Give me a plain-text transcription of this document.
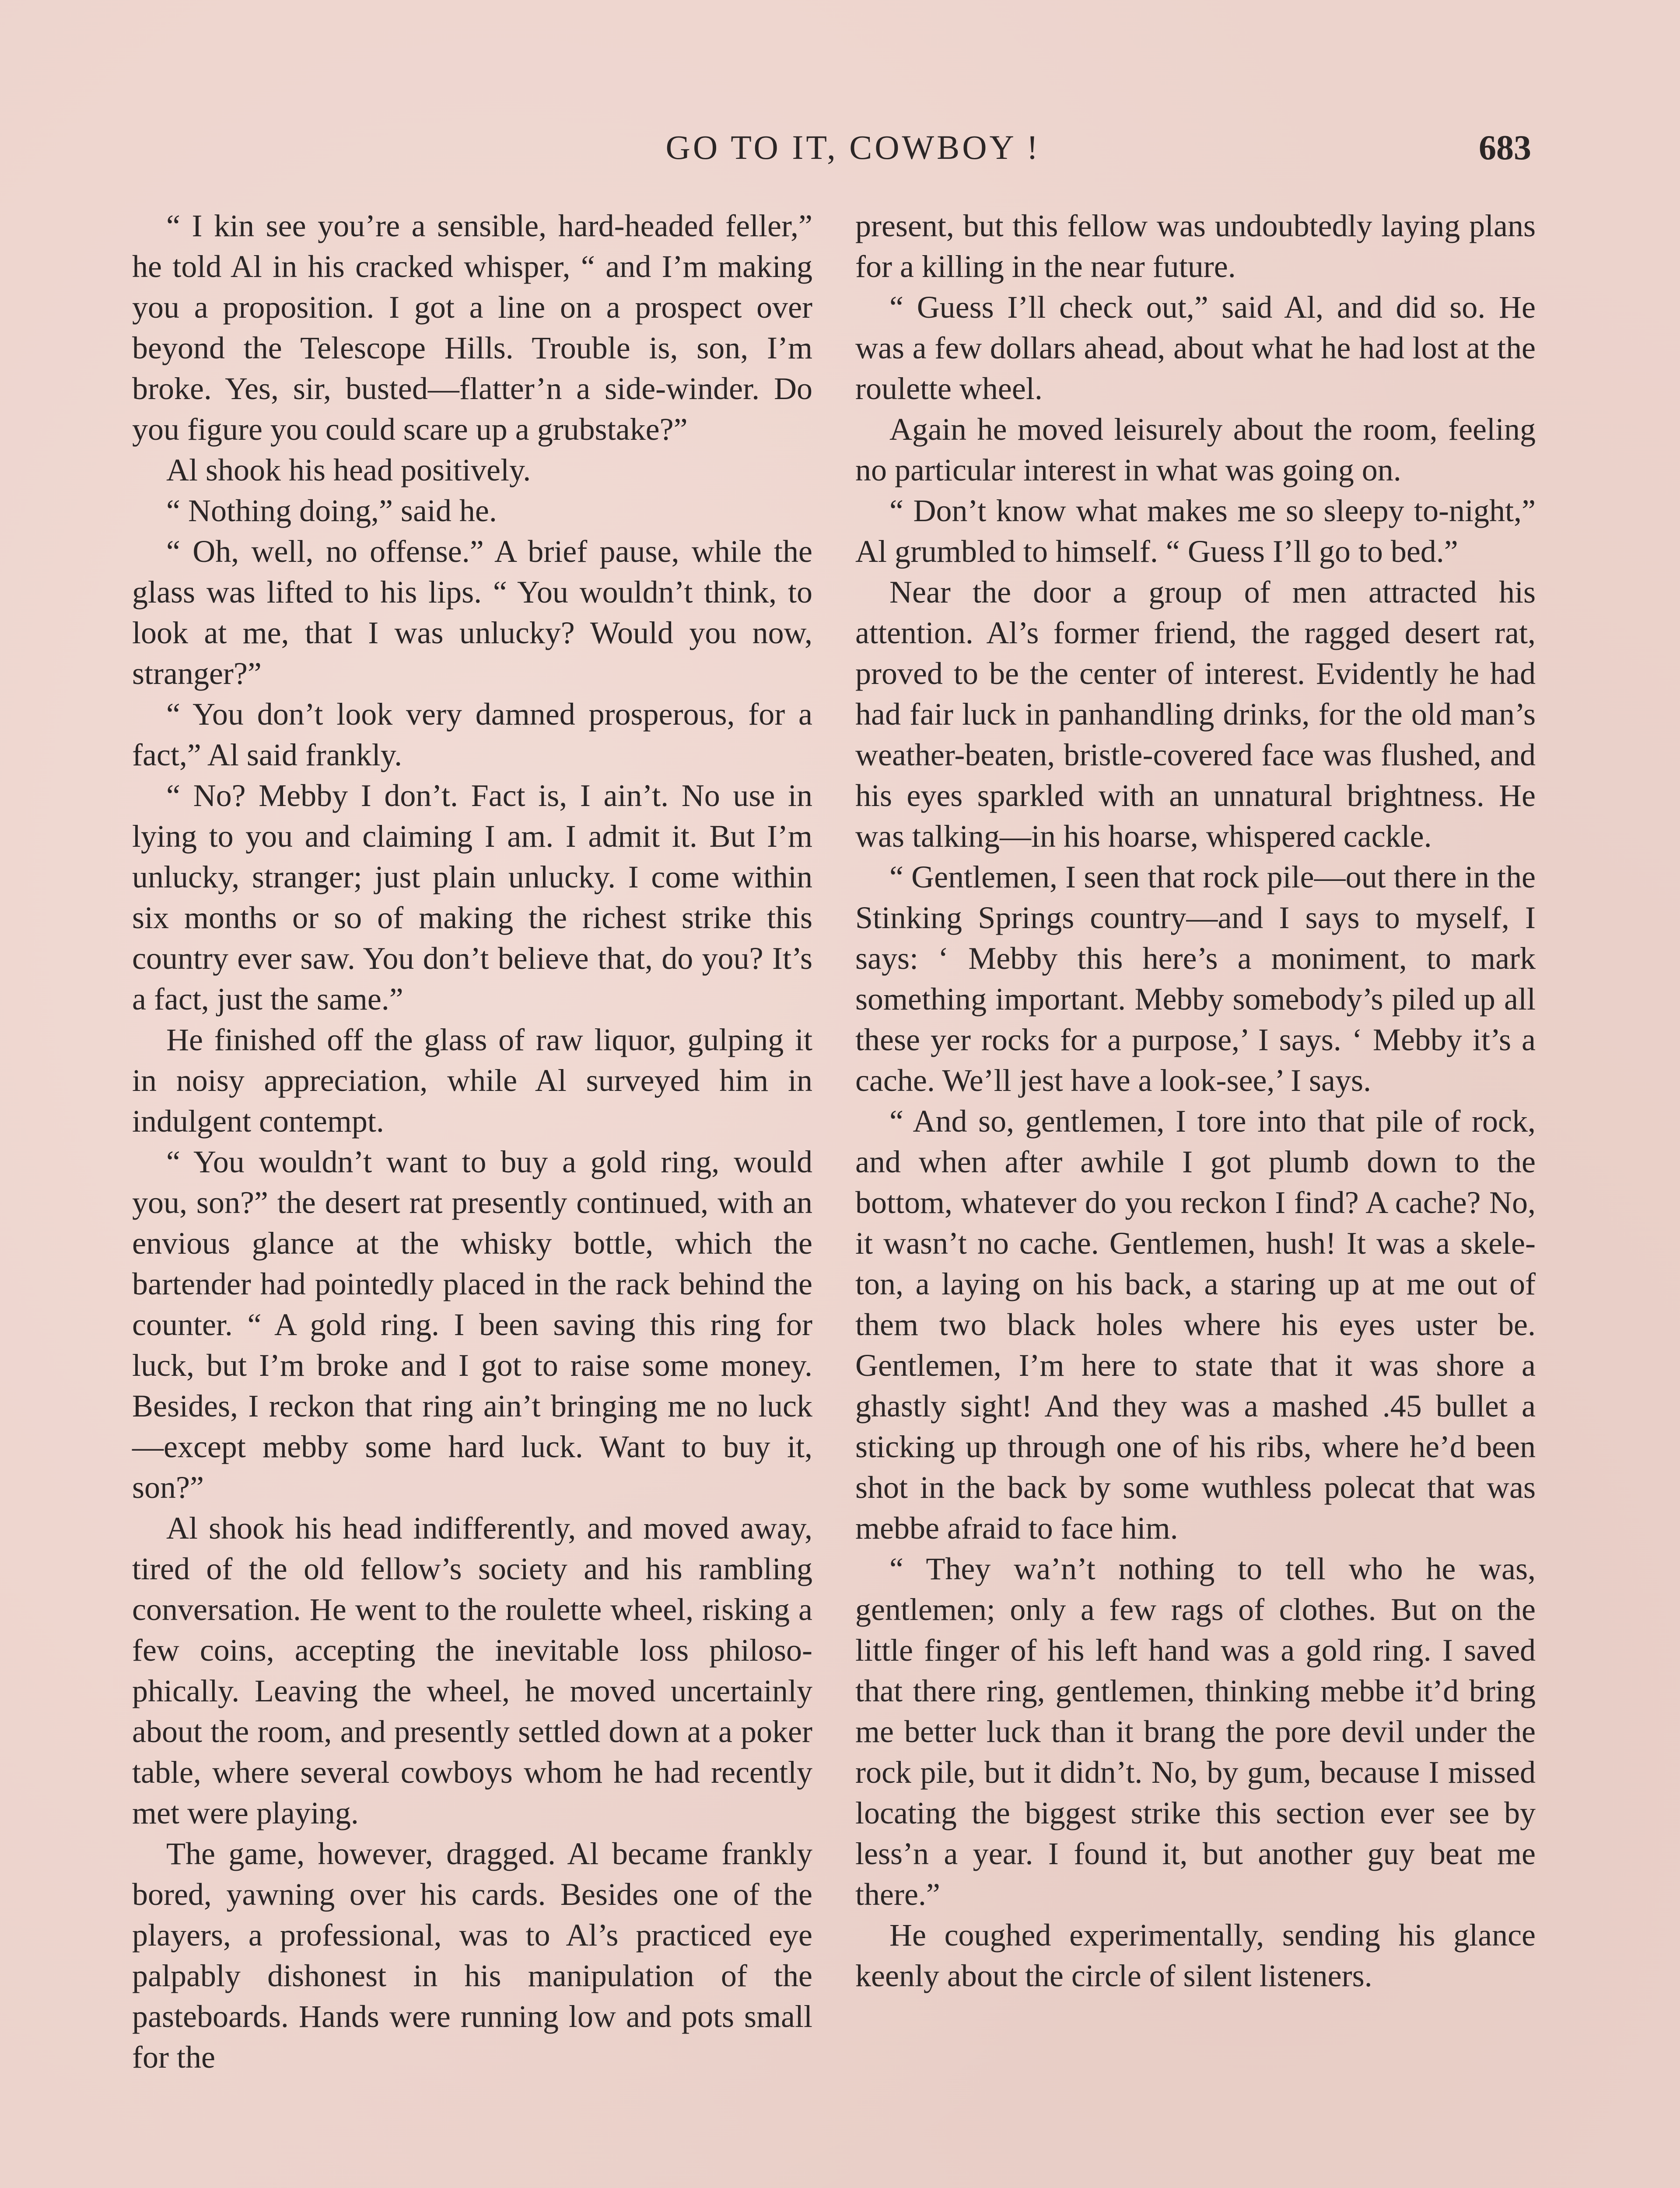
GO TO IT, COWBOY !	683

“ I kin see you’re a sensible, hard-headed feller,” he told Al in his cracked whisper, “ and I’m making you a proposition. I got a line on a prospect over beyond the Telescope Hills. Trouble is, son, I’m broke. Yes, sir, busted—flatter’n a side-winder. Do you figure you could scare up a grubstake?”

Al shook his head positively.

“ Nothing doing,” said he.

“ Oh, well, no offense.” A brief pause, while the glass was lifted to his lips. “ You wouldn’t think, to look at me, that I was unlucky? Would you now, stranger?”

“ You don’t look very damned prosperous, for a fact,” Al said frankly.

“ No? Mebby I don’t. Fact is, I ain’t. No use in lying to you and claiming I am. I admit it. But I’m unlucky, stranger; just plain unlucky. I come within six months or so of making the richest strike this country ever saw. You don’t believe that, do you? It’s a fact, just the same.”

He finished off the glass of raw liquor, gulping it in noisy appreciation, while Al surveyed him in indulgent contempt.

“ You wouldn’t want to buy a gold ring, would you, son?” the desert rat presently continued, with an envious glance at the whisky bottle, which the bartender had pointedly placed in the rack behind the counter. “ A gold ring. I been saving this ring for luck, but I’m broke and I got to raise some money. Besides, I reckon that ring ain’t bringing me no luck—except mebby some hard luck. Want to buy it, son?”

Al shook his head indifferently, and moved away, tired of the old fellow’s society and his rambling conversation. He went to the roulette wheel, risking a few coins, accepting the inevitable loss philosophically. Leaving the wheel, he moved uncertainly about the room, and presently settled down at a poker table, where several cowboys whom he had recently met were playing.

The game, however, dragged. Al became frankly bored, yawning over his cards. Besides one of the players, a professional, was to Al’s practiced eye palpably dishonest in his manipulation of the pasteboards. Hands were running low and pots small for the

present, but this fellow was undoubtedly laying plans for a killing in the near future.

“ Guess I’ll check out,” said Al, and did so. He was a few dollars ahead, about what he had lost at the roulette wheel.

Again he moved leisurely about the room, feeling no particular interest in what was going on.

“ Don’t know what makes me so sleepy to-night,” Al grumbled to himself. “ Guess I’ll go to bed.”

Near the door a group of men attracted his attention. Al’s former friend, the ragged desert rat, proved to be the center of interest. Evidently he had had fair luck in panhandling drinks, for the old man’s weather-beaten, bristle-covered face was flushed, and his eyes sparkled with an unnatural brightness. He was talking—in his hoarse, whispered cackle.

“ Gentlemen, I seen that rock pile—out there in the Stinking Springs country—and I says to myself, I says: ‘ Mebby this here’s a moniment, to mark something important. Mebby somebody’s piled up all these yer rocks for a purpose,’ I says. ‘ Mebby it’s a cache. We’ll jest have a look-see,’ I says.

“ And so, gentlemen, I tore into that pile of rock, and when after awhile I got plumb down to the bottom, whatever do you reckon I find? A cache? No, it wasn’t no cache. Gentlemen, hush! It was a skeleton, a laying on his back, a staring up at me out of them two black holes where his eyes uster be. Gentlemen, I’m here to state that it was shore a ghastly sight! And they was a mashed .45 bullet a sticking up through one of his ribs, where he’d been shot in the back by some wuthless polecat that was mebbe afraid to face him.

“ They wa’n’t nothing to tell who he was, gentlemen; only a few rags of clothes. But on the little finger of his left hand was a gold ring. I saved that there ring, gentlemen, thinking mebbe it’d bring me better luck than it brang the pore devil under the rock pile, but it didn’t. No, by gum, because I missed locating the biggest strike this section ever see by less’n a year. I found it, but another guy beat me there.”

He coughed experimentally, sending his glance keenly about the circle of silent listeners.
